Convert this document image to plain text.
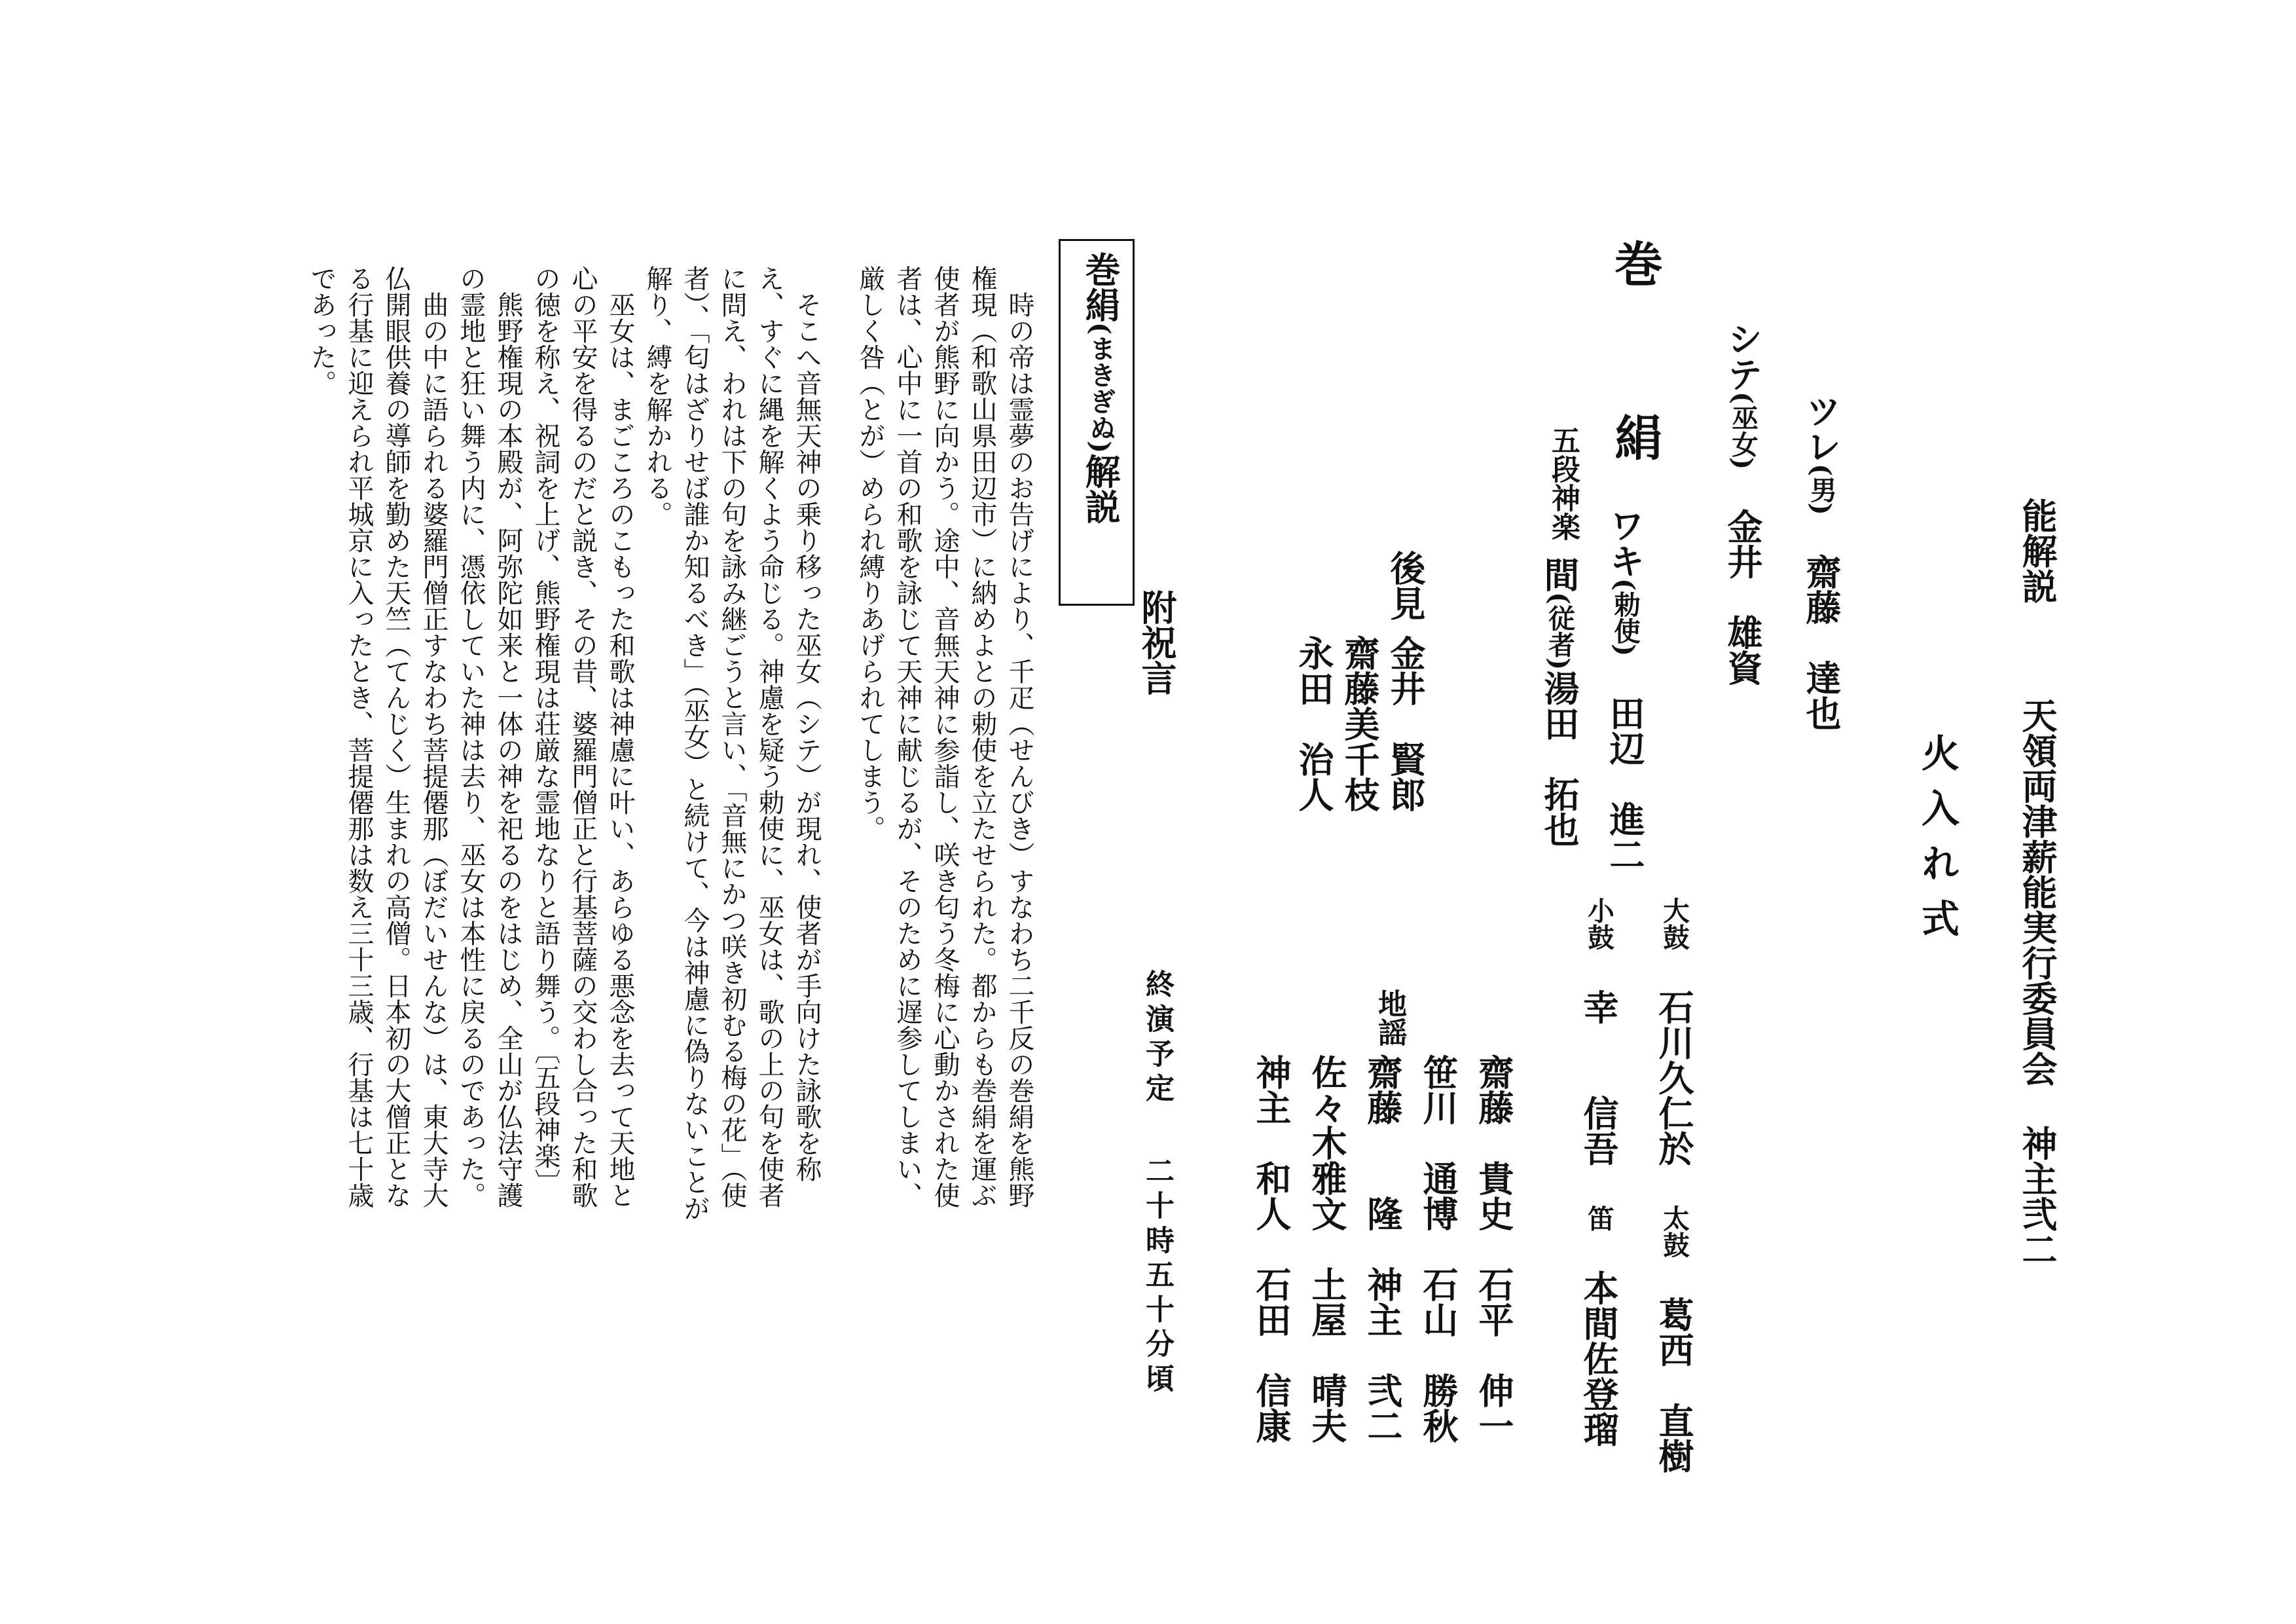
能解説
天領両津薪能実行委員会神主弐二
火入れ式
ツレ(男)齋藤　達也
シテ(巫女)金井　雄資
巻
絹
ワキ(勅使)田辺　進二
五段神楽
間(従者)湯田　拓也
大鼓石川久仁於太鼓葛西　直樹
小鼓幸　　信吾笛本間佐登瑠
後見
金井　賢郎
齋藤美千枝
永田　治人
地謡
齋藤　貴史　石平　伸一
笹川　通博　石山　勝秋
齋藤　　隆　神主　弐二
佐々木雅文　土屋　晴夫
神主　和人　石田　信康
附祝言
終演予定
二十時五十分頃
巻絹(まきぎぬ)解説

時の帝は霊夢のお告げにより、千疋（せんびき）すなわち二千反の巻絹を熊野権現（和歌山県田辺市）に納めよとの勅使を立たせられた。都からも巻絹を運ぶ使者が熊野に向かう。途中、音無天神に参詣し、咲き匂う冬梅に心動かされた使者は、心中に一首の和歌を詠じて天神に献じるが、そのために遅参してしまい、厳しく咎（とが）められ縛りあげられてしまう。

そこへ音無天神の乗り移った巫女（シテ）が現れ、使者が手向けた詠歌を称え、すぐに縄を解くよう命じる。神慮を疑う勅使に、巫女は、歌の上の句を使者に問え、われは下の句を詠み継ごうと言い、「音無にかつ咲き初むる梅の花」（使者）、「匂はざりせば誰か知るべき」（巫女）と続けて、今は神慮に偽りないことが解り、縛を解かれる。

巫女は、まごころのこもった和歌は神慮に叶い、あらゆる悪念を去って天地と心の平安を得るのだと説き、その昔、婆羅門僧正と行基菩薩の交わし合った和歌の徳を称え、祝詞を上げ、熊野権現は荘厳な霊地なりと語り舞う。〔五段神楽〕

熊野権現の本殿が、阿弥陀如来と一体の神を祀るのをはじめ、全山が仏法守護の霊地と狂い舞う内に、憑依していた神は去り、巫女は本性に戻るのであった。

曲の中に語られる婆羅門僧正すなわち菩提僊那（ぼだいせんな）は、東大寺大仏開眼供養の導師を勤めた天竺（てんじく）生まれの高僧。日本初の大僧正となる行基に迎えられ平城京に入ったとき、菩提僊那は数え三十三歳、行基は七十歳であった。
